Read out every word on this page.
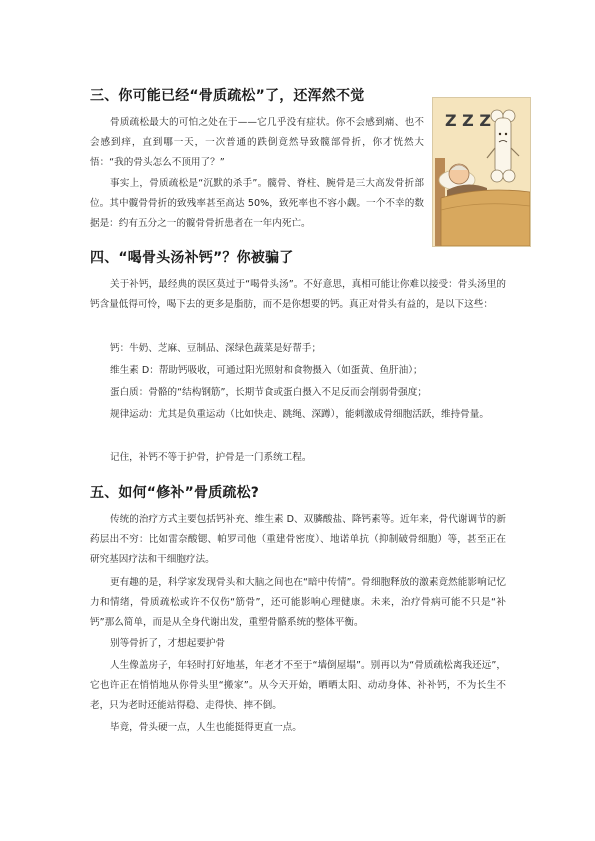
三、你可能已经“骨质疏松”了，还浑然不觉

骨质疏松最大的可怕之处在于——它几乎没有症状。你不会感到痛、也不会感到痒，直到哪一天，一次普通的跌倒竟然导致髋部骨折，你才恍然大悟：“我的骨头怎么不顶用了？”

事实上，骨质疏松是“沉默的杀手”。髋骨、脊柱、腕骨是三大高发骨折部位。其中髋骨骨折的致残率甚至高达 50%，致死率也不容小觑。一个不幸的数据是：约有五分之一的髋骨骨折患者在一年内死亡。

Z Z Z
四、“喝骨头汤补钙”？你被骗了

关于补钙，最经典的误区莫过于“喝骨头汤”。不好意思，真相可能让你难以接受：骨头汤里的钙含量低得可怜，喝下去的更多是脂肪，而不是你想要的钙。真正对骨头有益的，是以下这些：

钙：牛奶、芝麻、豆制品、深绿色蔬菜是好帮手；
维生素 D：帮助钙吸收，可通过阳光照射和食物摄入（如蛋黄、鱼肝油）；
蛋白质：骨骼的“结构钢筋”，长期节食或蛋白摄入不足反而会削弱骨强度；

规律运动：尤其是负重运动（比如快走、跳绳、深蹲），能刺激成骨细胞活跃，维持骨量。

记住，补钙不等于护骨，护骨是一门系统工程。
五、如何“修补”骨质疏松?

传统的治疗方式主要包括钙补充、维生素 D、双膦酸盐、降钙素等。近年来，骨代谢调节的新药层出不穷：比如雷奈酸锶、帕罗司他（重建骨密度）、地诺单抗（抑制破骨细胞）等，甚至正在研究基因疗法和干细胞疗法。

更有趣的是，科学家发现骨头和大脑之间也在“暗中传情”。骨细胞释放的激素竟然能影响记忆力和情绪，骨质疏松或许不仅伤“筋骨”，还可能影响心理健康。未来，治疗骨病可能不只是“补钙”那么简单，而是从全身代谢出发，重塑骨骼系统的整体平衡。

别等骨折了，才想起要护骨

人生像盖房子，年轻时打好地基，年老才不至于“墙倒屋塌”。别再以为“骨质疏松离我还远”，它也许正在悄悄地从你骨头里“搬家”。从今天开始，晒晒太阳、动动身体、补补钙，不为长生不老，只为老时还能站得稳、走得快、摔不倒。

毕竟，骨头硬一点，人生也能挺得更直一点。
